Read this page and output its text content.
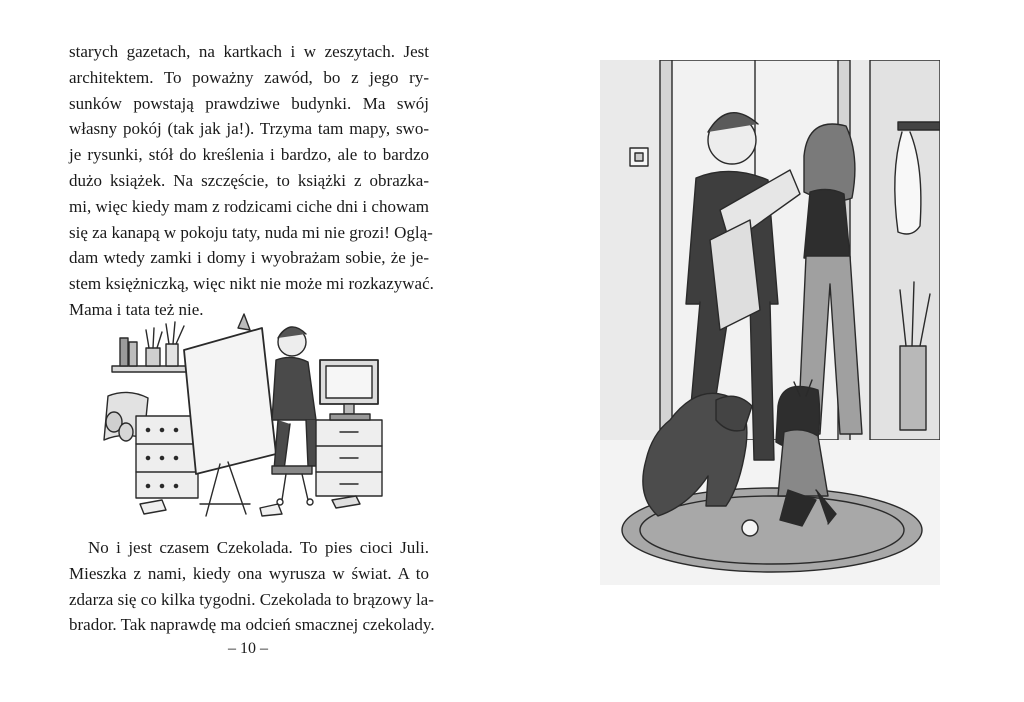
starych gazetach, na kartkach i w zeszytach. Jest
architektem. To poważny zawód, bo z jego ry-
sunków powstają prawdziwe budynki. Ma swój
własny pokój (tak jak ja!). Trzyma tam mapy, swo-
je rysunki, stół do kreślenia i bardzo, ale to bardzo
dużo książek. Na szczęście, to książki z obrazka-
mi, więc kiedy mam z rodzicami ciche dni i chowam
się za kanapą w pokoju taty, nuda mi nie grozi! Oglą-
dam wtedy zamki i domy i wyobrażam sobie, że je-
stem księżniczką, więc nikt nie może mi rozkazywać.
Mama i tata też nie.

No i jest czasem Czekolada. To pies cioci Juli.
Mieszka z nami, kiedy ona wyrusza w świat. A to
zdarza się co kilka tygodni. Czekolada to brązowy la-
brador. Tak naprawdę ma odcień smacznej czekolady.

– 10 –
